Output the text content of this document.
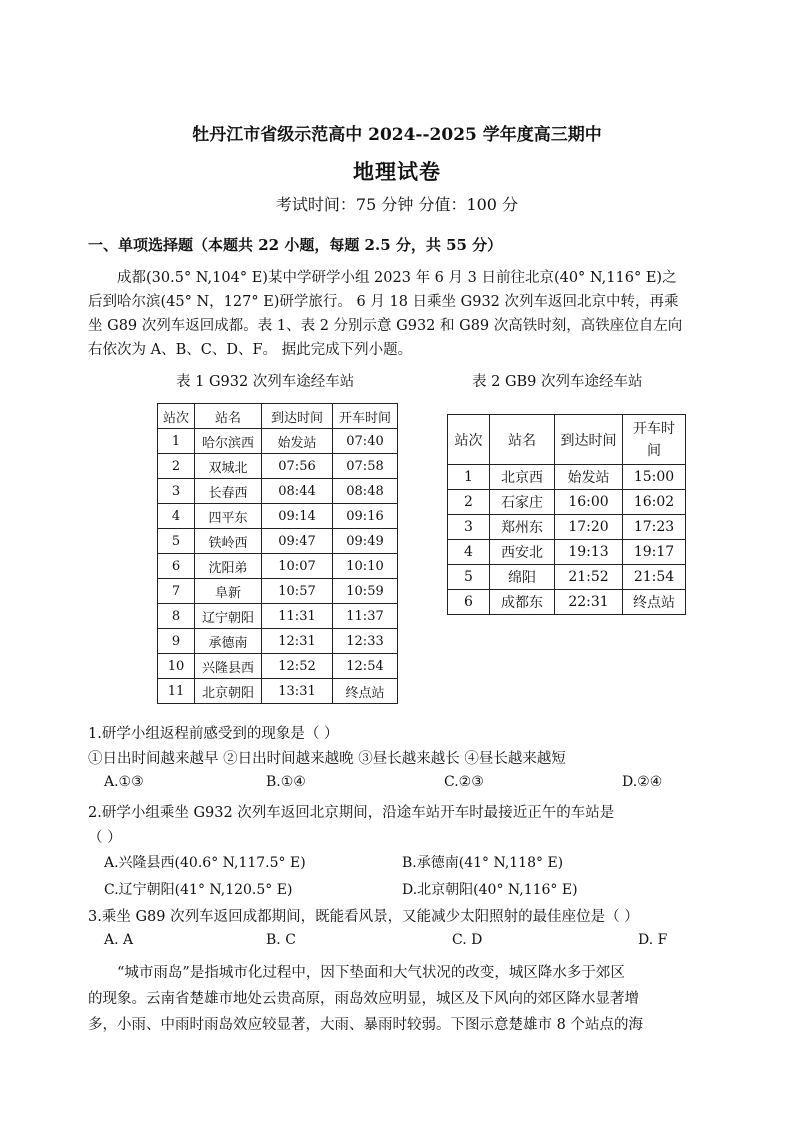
牡丹江市省级示范高中 2024--2025 学年度高三期中
地理试卷
考试时间：75 分钟 分值：100 分
一、单项选择题（本题共 22 小题，每题 2.5 分，共 55 分）
成都(30.5° N,104° E)某中学研学小组 2023 年 6 月 3 日前往北京(40° N,116° E)之
后到哈尔滨(45° N，127° E)研学旅行。 6 月 18 日乘坐 G932 次列车返回北京中转，再乘
坐 G89 次列车返回成都。表 1、表 2 分别示意 G932 和 G89 次高铁时刻，高铁座位自左向
右依次为 A、B、C、D、F。 据此完成下列小题。
表 1 G932 次列车途经车站	表 2 GB9 次列车途经车站
站次	站名	到达时间	开车时间
1	哈尔滨西	始发站	07:40
2	双城北	07:56	07:58
3	长春西	08:44	08:48
4	四平东	09:14	09:16
5	铁岭西	09:47	09:49
6	沈阳弟	10:07	10:10
7	阜新	10:57	10:59
8	辽宁朝阳	11:31	11:37
9	承德南	12:31	12:33
10	兴隆县西	12:52	12:54
11	北京朝阳	13:31	终点站
站次	站名	到达时间	开车时
间

1	北京西	始发站	15:00
2	石家庄	16:00	16:02
3	郑州东	17:20	17:23
4	西安北	19:13	19:17
5	绵阳	21:52	21:54
6	成都东	22:31	终点站
1.研学小组返程前感受到的现象是（ ）
①日出时间越来越早 ②日出时间越来越晚 ③昼长越来越长 ④昼长越来越短
A.①③	B.①④	C.②③	D.②④
2.研学小组乘坐 G932 次列车返回北京期间，沿途车站开车时最接近正午的车站是
（ ）
A.兴隆县西(40.6° N,117.5° E)	B.承德南(41° N,118° E)
C.辽宁朝阳(41° N,120.5° E)	D.北京朝阳(40° N,116° E)
3.乘坐 G89 次列车返回成都期间，既能看风景，又能减少太阳照射的最佳座位是（ ）
A. A	B. C	C. D	D. F
“城市雨岛”是指城市化过程中，因下垫面和大气状况的改变，城区降水多于郊区
的现象。云南省楚雄市地处云贵高原，雨岛效应明显，城区及下风向的郊区降水显著增
多，小雨、中雨时雨岛效应较显著，大雨、暴雨时较弱。下图示意楚雄市 8 个站点的海
